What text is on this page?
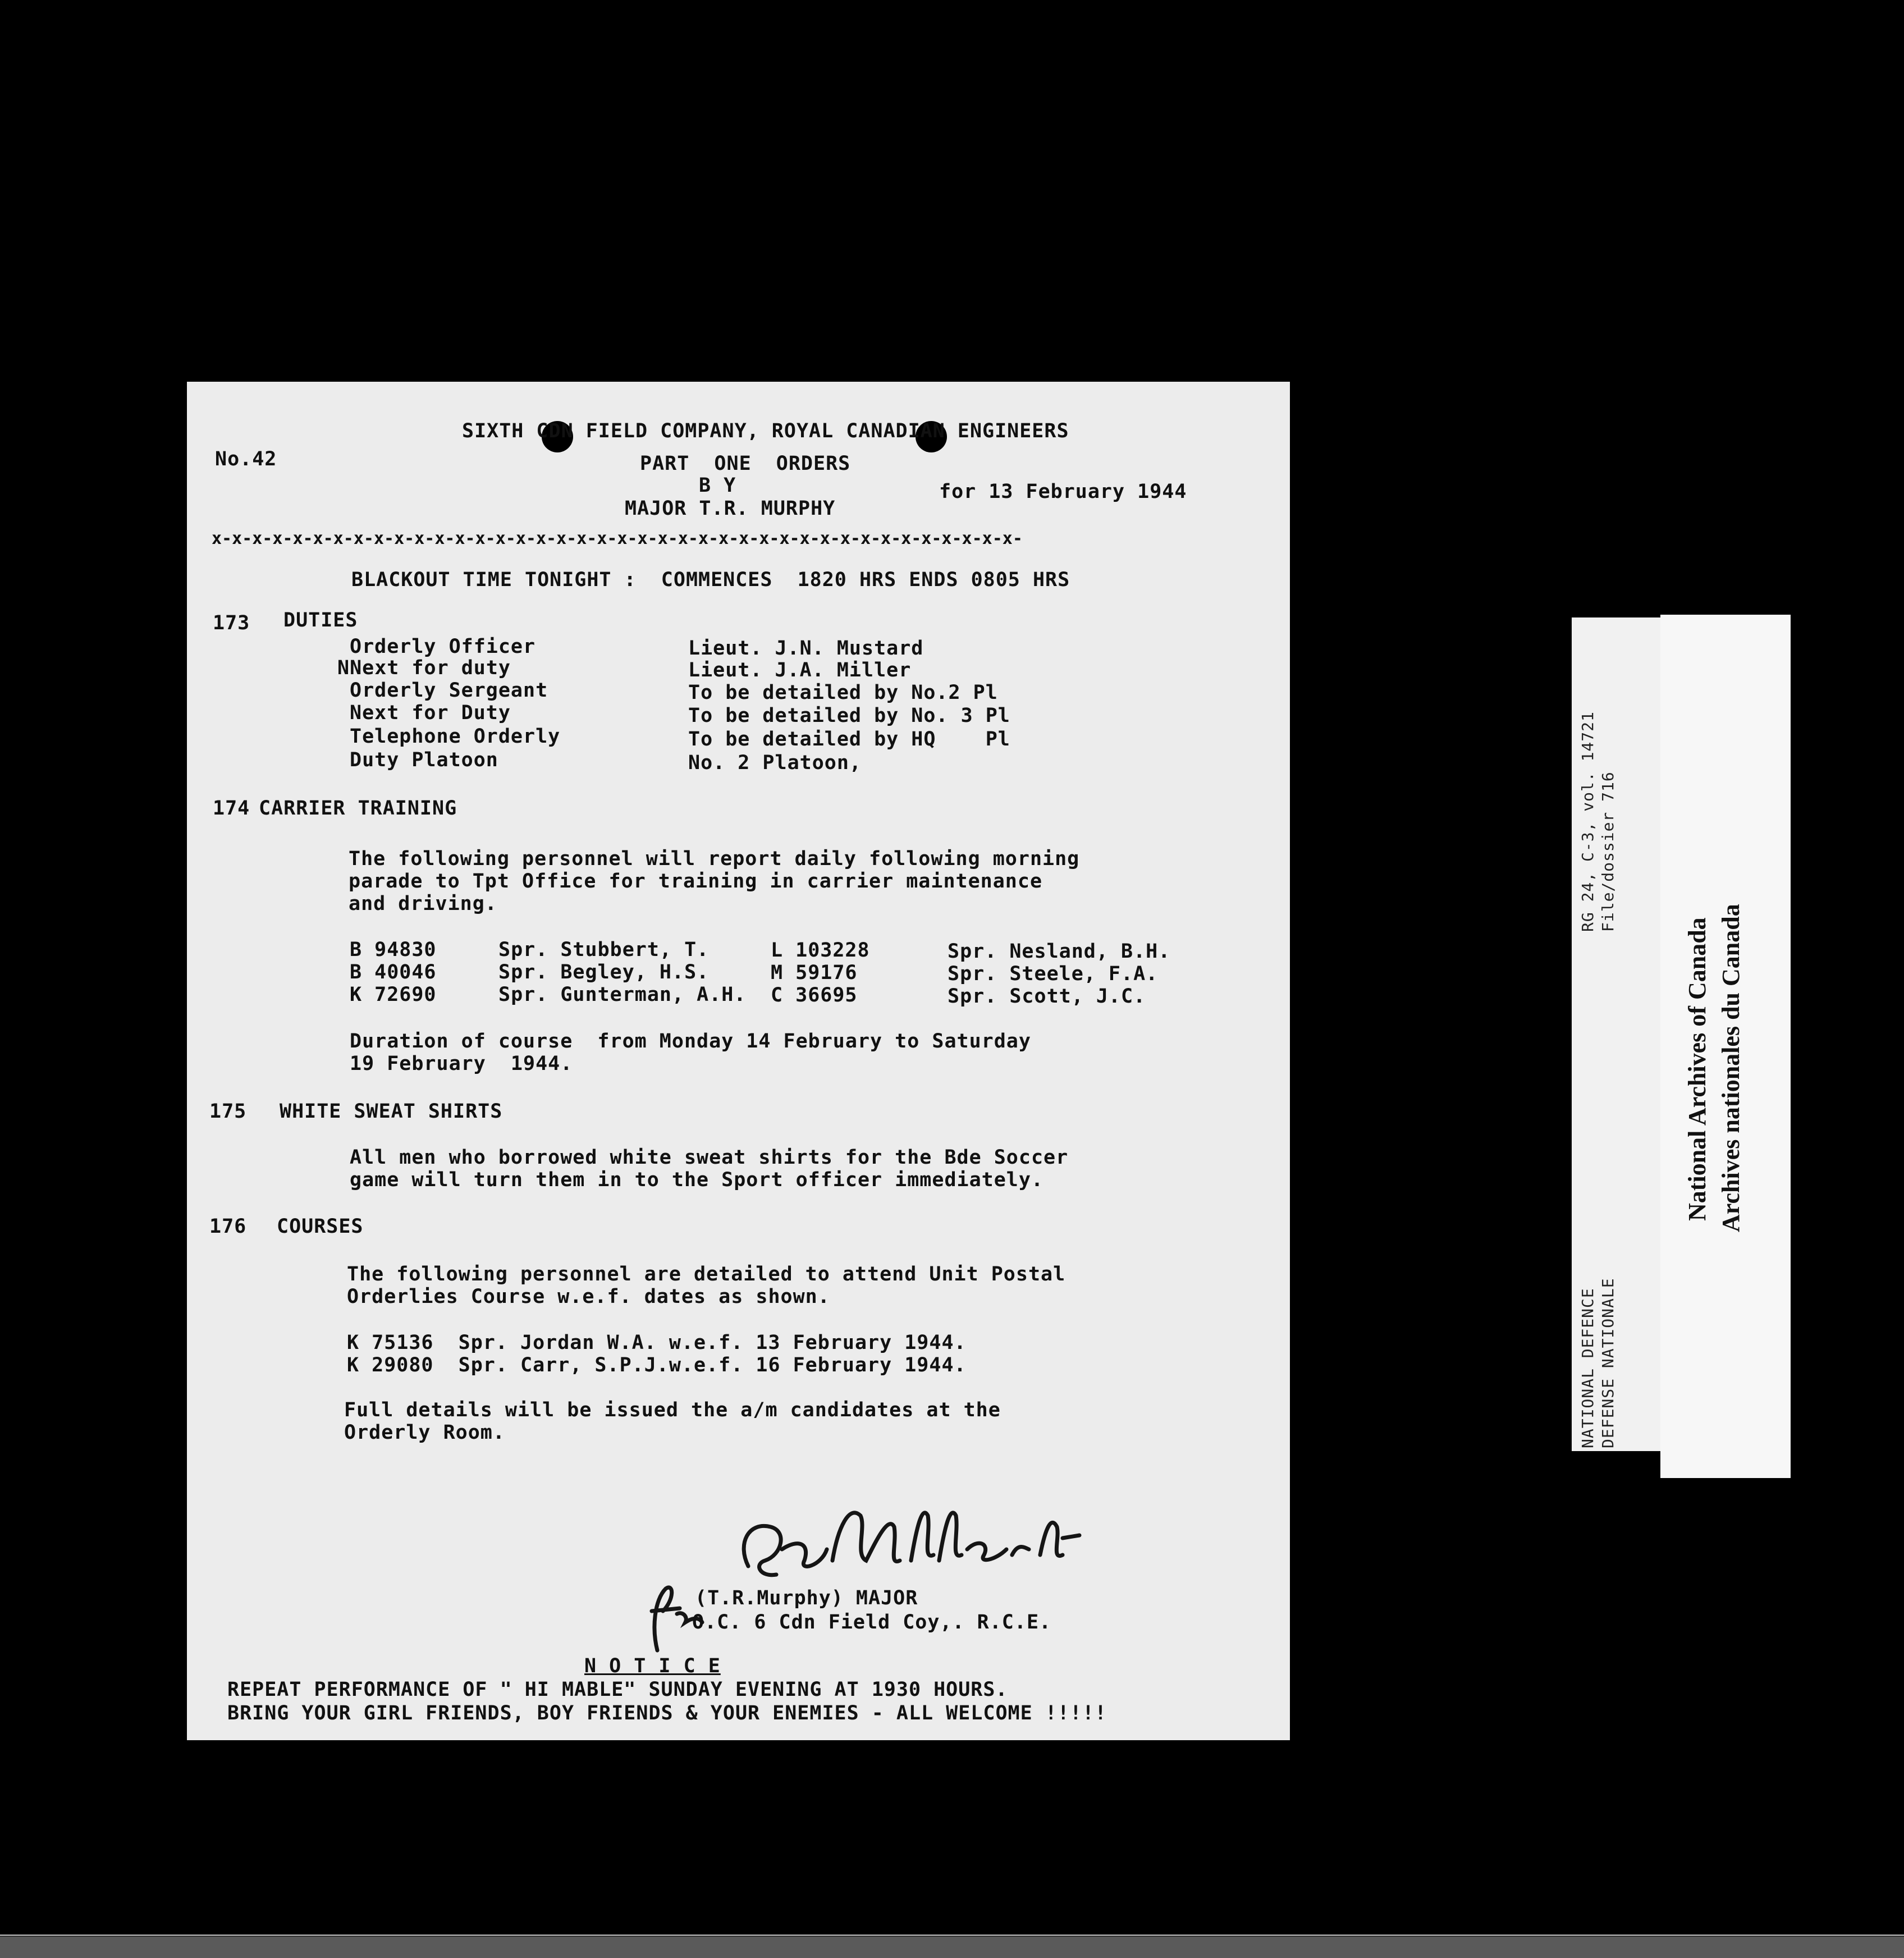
SIXTH CDN FIELD COMPANY, ROYAL CANADIAN ENGINEERS
No.42	PART  ONE  ORDERS
B Y	for 13 February 1944
MAJOR T.R. MURPHY
x-x-x-x-x-x-x-x-x-x-x-x-x-x-x-x-x-x-x-x-x-x-x-x-x-x-x-x-x-x-x-x-x-x-x-x-x-x-x-x-
BLACKOUT TIME TONIGHT :  COMMENCES  1820 HRS ENDS 0805 HRS
173 DUTIES
Orderly Officer	Lieut. J.N. Mustard
NNext for duty	Lieut. J.A. Miller
Orderly Sergeant	To be detailed by No.2 Pl
Next for Duty	To be detailed by No. 3 Pl
Telephone Orderly	To be detailed by HQ    Pl
Duty Platoon	No. 2 Platoon,
174 CARRIER TRAINING
The following personnel will report daily following morning
parade to Tpt Office for training in carrier maintenance
and driving.
B 94830	Spr. Stubbert, T.	L 103228	Spr. Nesland, B.H.
B 40046	Spr. Begley, H.S.	M 59176	Spr. Steele, F.A.
K 72690	Spr. Gunterman, A.H. C 36695	Spr. Scott, J.C.
Duration of course  from Monday 14 February to Saturday
19 February  1944.
175 WHITE SWEAT SHIRTS
All men who borrowed white sweat shirts for the Bde Soccer
game will turn them in to the Sport officer immediately.
176 COURSES
The following personnel are detailed to attend Unit Postal
Orderlies Course w.e.f. dates as shown.
K 75136  Spr. Jordan W.A. w.e.f. 13 February 1944.
K 29080  Spr. Carr, S.P.J.w.e.f. 16 February 1944.
Full details will be issued the a/m candidates at the
Orderly Room.
(T.R.Murphy) MAJOR
O.C. 6 Cdn Field Coy,. R.C.E.
N O T I C E
REPEAT PERFORMANCE OF " HI MABLE" SUNDAY EVENING AT 1930 HOURS.
BRING YOUR GIRL FRIENDS, BOY FRIENDS & YOUR ENEMIES - ALL WELCOME !!!!!
RG 24, C-3, vol. 14721 File/dossier 716
NATIONAL DEFENCE DEFENSE NATIONALE
National Archives of Canada Archives nationales du Canada
